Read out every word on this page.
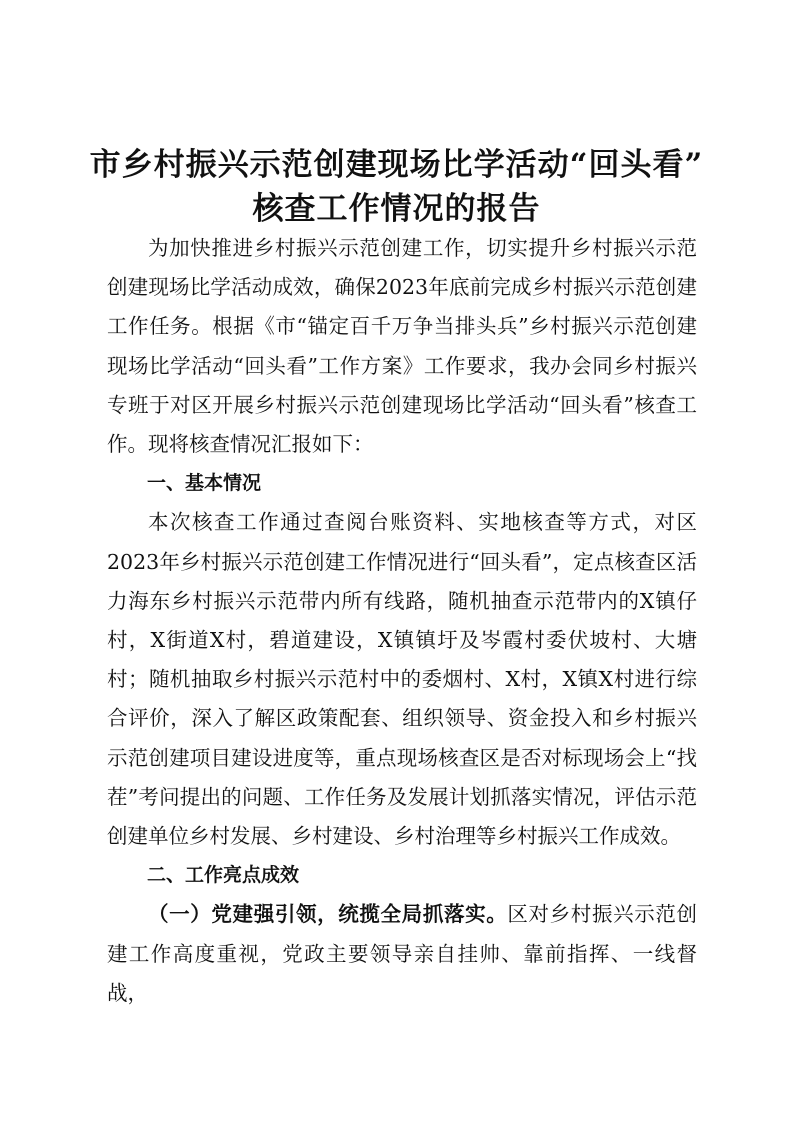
市乡村振兴示范创建现场比学活动“回头看”
核查工作情况的报告

为加快推进乡村振兴示范创建工作，切实提升乡村振兴示范创建现场比学活动成效，确保2023年底前完成乡村振兴示范创建工作任务。根据《市“锚定百千万争当排头兵”乡村振兴示范创建现场比学活动“回头看”工作方案》工作要求，我办会同乡村振兴专班于对区开展乡村振兴示范创建现场比学活动“回头看”核查工作。现将核查情况汇报如下：

一、基本情况

本次核查工作通过查阅台账资料、实地核查等方式，对区2023年乡村振兴示范创建工作情况进行“回头看”，定点核查区活力海东乡村振兴示范带内所有线路，随机抽查示范带内的X镇仔村，X街道X村，碧道建设，X镇镇圩及岑霞村委伏坡村、大塘村；随机抽取乡村振兴示范村中的委烟村、X村，X镇X村进行综合评价，深入了解区政策配套、组织领导、资金投入和乡村振兴示范创建项目建设进度等，重点现场核查区是否对标现场会上“找茬”考问提出的问题、工作任务及发展计划抓落实情况，评估示范创建单位乡村发展、乡村建设、乡村治理等乡村振兴工作成效。

二、工作亮点成效

（一）党建强引领，统揽全局抓落实。区对乡村振兴示范创建工作高度重视，党政主要领导亲自挂帅、靠前指挥、一线督战，
